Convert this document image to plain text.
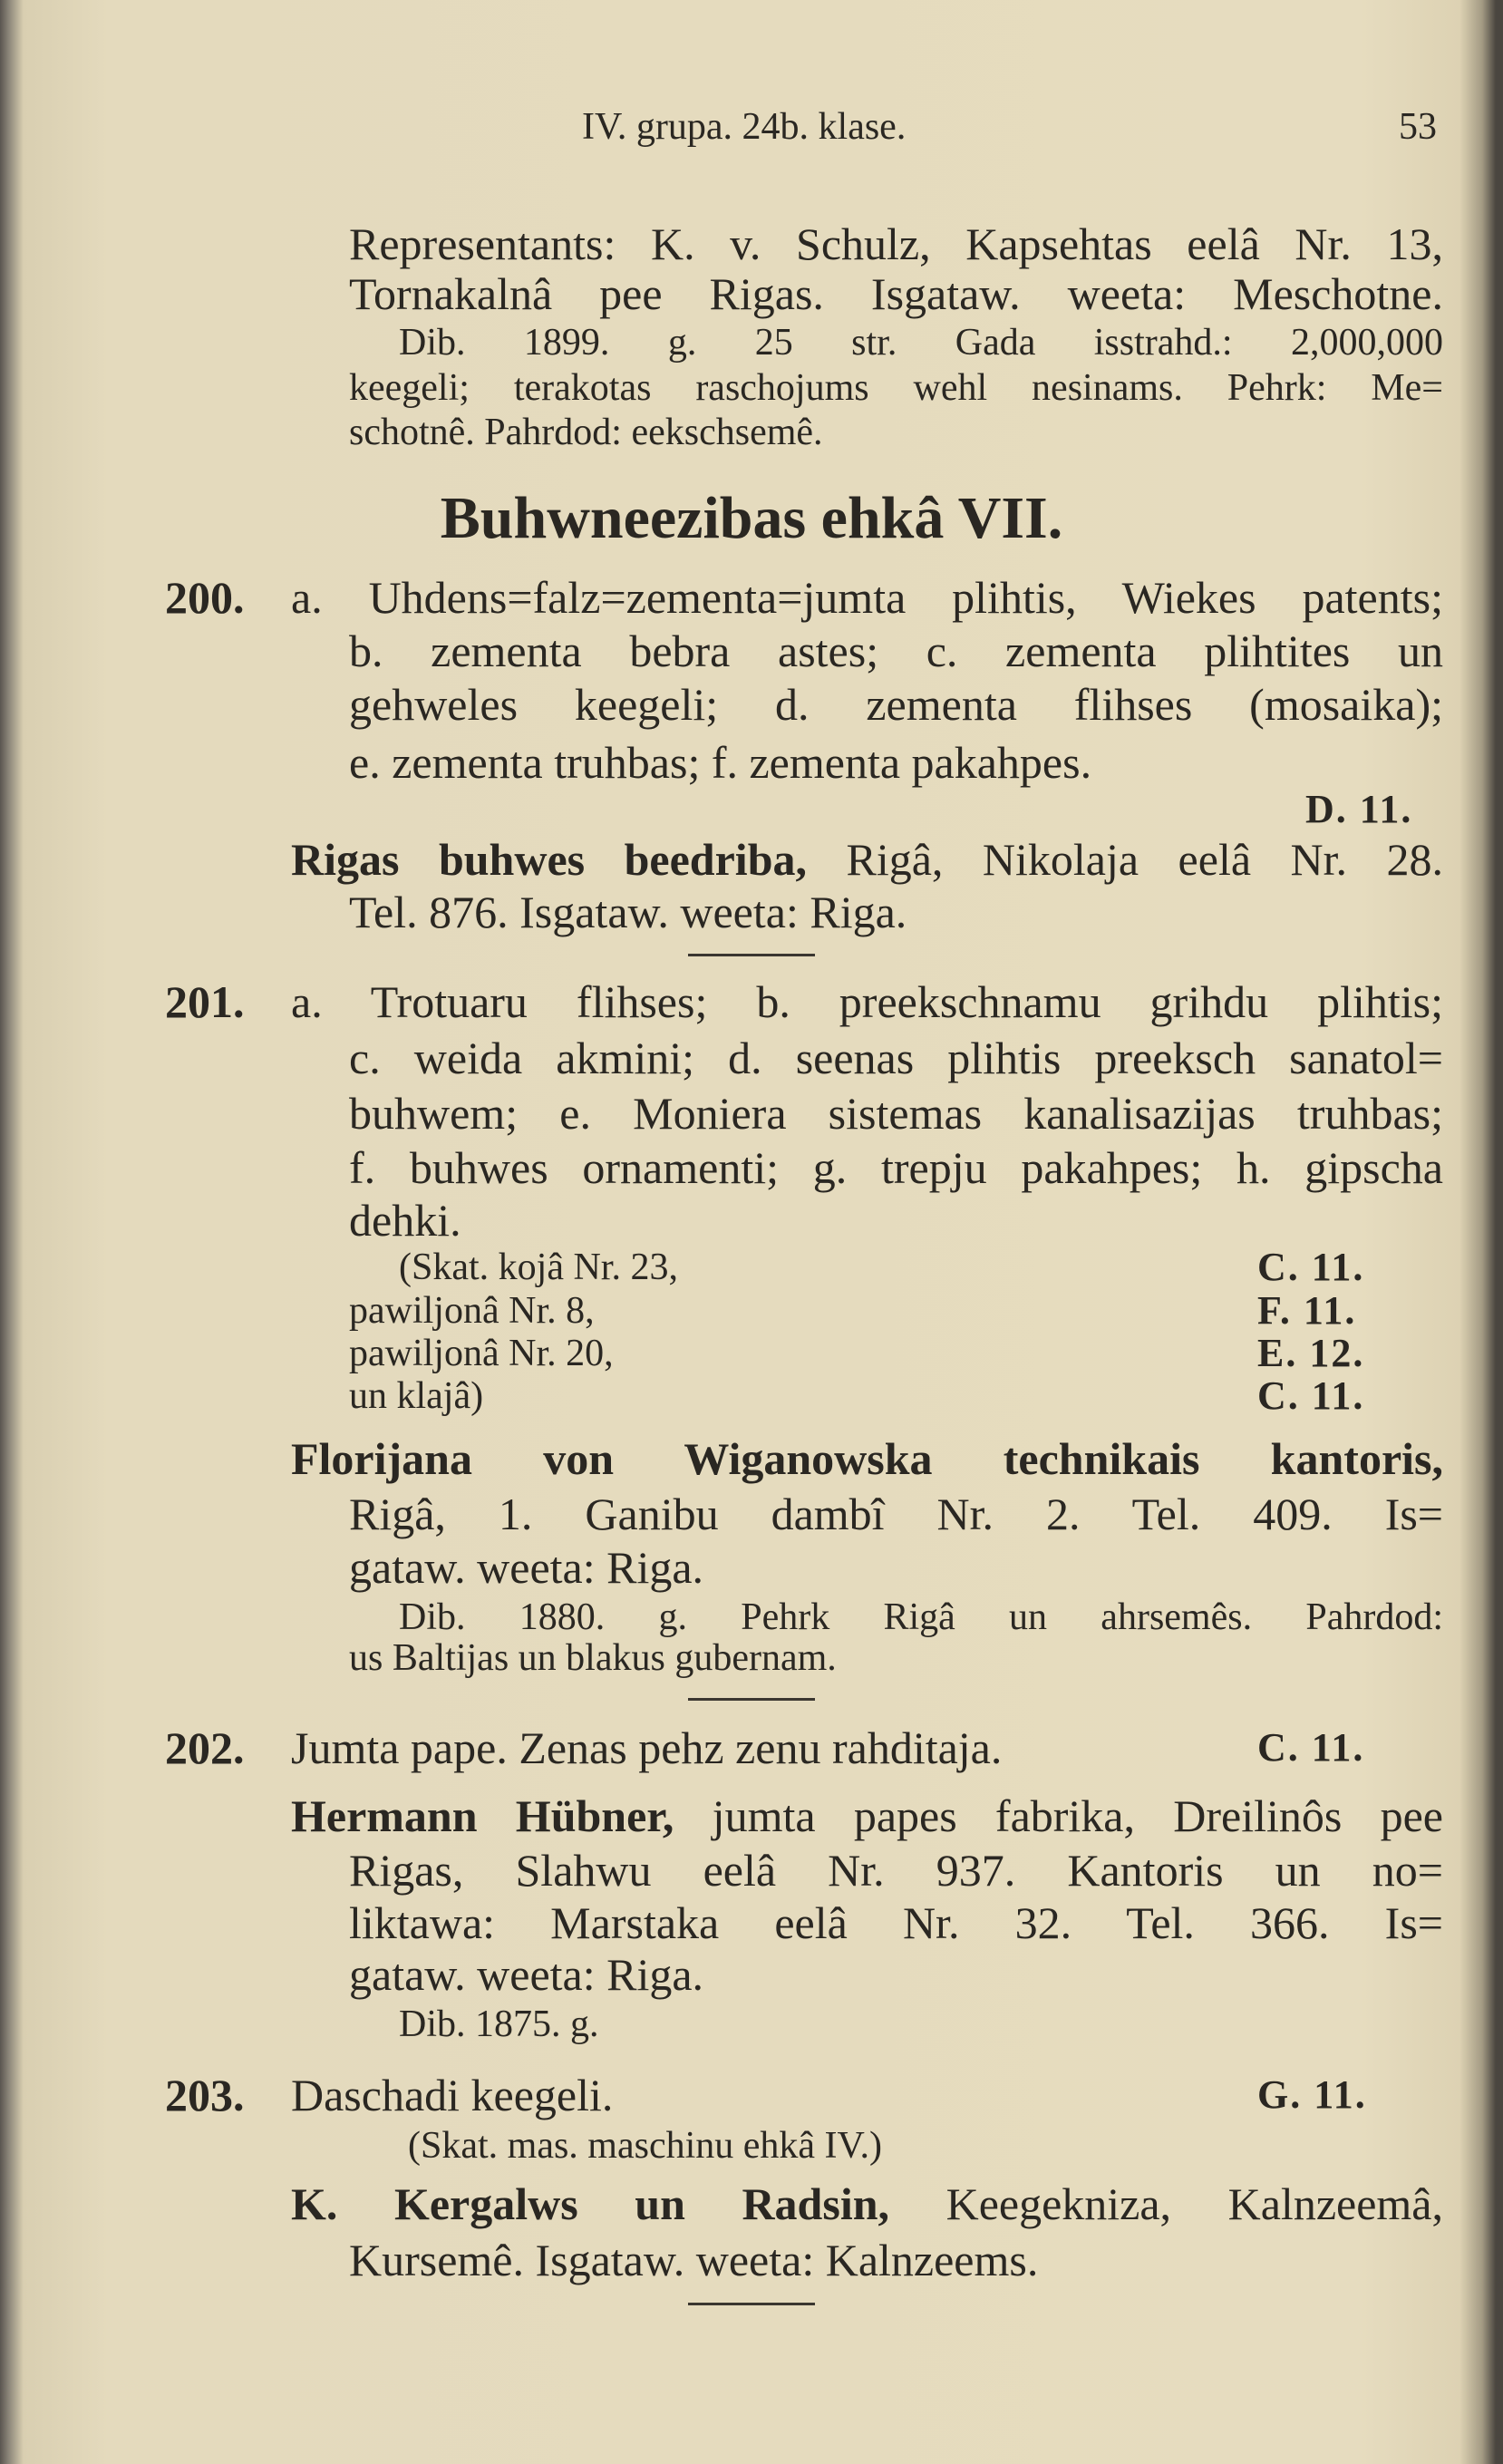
IV. grupa. 24b. klase.	53
Representants: K. v. Schulz, Kapsehtas eelâ Nr. 13,
Tornakalnâ pee Rigas. Isgataw. weeta: Meschotne.
Dib. 1899. g. 25 str. Gada isstrahd.: 2,000,000
keegeli; terakotas raschojums wehl nesinams. Pehrk: Me=
schotnê. Pahrdod: eekschsemê.
Buhwneezibas ehkâ VII.
200. a. Uhdens=falz=zementa=jumta plihtis, Wiekes patents;
b. zementa bebra astes; c. zementa plihtites un
gehweles keegeli; d. zementa flihses (mosaika);
e. zementa truhbas; f. zementa pakahpes.
D. 11.
Rigas buhwes beedriba, Rigâ, Nikolaja eelâ Nr. 28.
Tel. 876. Isgataw. weeta: Riga.
201. a. Trotuaru flihses; b. preekschnamu grihdu plihtis;
c. weida akmini; d. seenas plihtis preeksch sanatol=
buhwem; e. Moniera sistemas kanalisazijas truhbas;
f. buhwes ornamenti; g. trepju pakahpes; h. gipscha
dehki.
(Skat. kojâ Nr. 23,	C. 11.
pawiljonâ Nr. 8,	F. 11.
pawiljonâ Nr. 20,	E. 12.
un klajâ)	C. 11.
Florijana von Wiganowska technikais kantoris,
Rigâ, 1. Ganibu dambî Nr. 2. Tel. 409. Is=
gataw. weeta: Riga.
Dib. 1880. g. Pehrk Rigâ un ahrsemês. Pahrdod:
us Baltijas un blakus gubernam.
202. Jumta pape. Zenas pehz zenu rahditaja.	C. 11.
Hermann Hübner, jumta papes fabrika, Dreilinôs pee
Rigas, Slahwu eelâ Nr. 937. Kantoris un no=
liktawa: Marstaka eelâ Nr. 32. Tel. 366. Is=
gataw. weeta: Riga.
Dib. 1875. g.
203. Daschadi keegeli.	G. 11.
(Skat. mas. maschinu ehkâ IV.)
K. Kergalws un Radsin, Keegekniza, Kalnzeemâ,
Kursemê. Isgataw. weeta: Kalnzeems.
